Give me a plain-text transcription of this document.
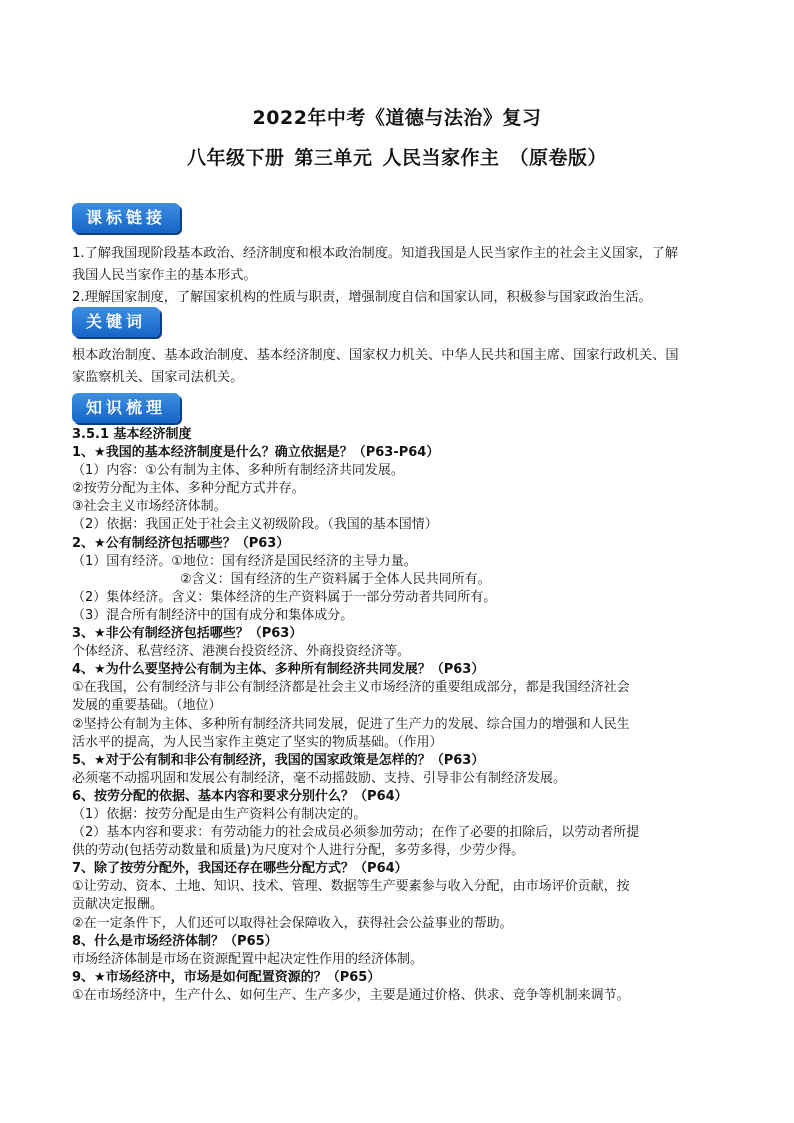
2022年中考《道德与法治》复习
八年级下册 第三单元 人民当家作主 （原卷版）
课标链接

1.了解我国现阶段基本政治、经济制度和根本政治制度。知道我国是人民当家作主的社会主义国家，了解

我国人民当家作主的基本形式。

2.理解国家制度，了解国家机构的性质与职责，增强制度自信和国家认同，积极参与国家政治生活。

关键词

根本政治制度、基本政治制度、基本经济制度、国家权力机关、中华人民共和国主席、国家行政机关、国

家监察机关、国家司法机关。

知识梳理

3.5.1 基本经济制度

1、★我国的基本经济制度是什么？确立依据是？（P63-P64）

（1）内容：①公有制为主体、多种所有制经济共同发展。

②按劳分配为主体、多种分配方式并存。

③社会主义市场经济体制。

（2）依据：我国正处于社会主义初级阶段。（我国的基本国情）

2、★公有制经济包括哪些？（P63）

（1）国有经济。①地位：国有经济是国民经济的主导力量。

②含义：国有经济的生产资料属于全体人民共同所有。

（2）集体经济。含义：集体经济的生产资料属于一部分劳动者共同所有。

（3）混合所有制经济中的国有成分和集体成分。

3、★非公有制经济包括哪些？（P63）

个体经济、私营经济、港澳台投资经济、外商投资经济等。

4、★为什么要坚持公有制为主体、多种所有制经济共同发展？（P63）

①在我国，公有制经济与非公有制经济都是社会主义市场经济的重要组成部分，都是我国经济社会

发展的重要基础。（地位）

②坚持公有制为主体、多种所有制经济共同发展，促进了生产力的发展、综合国力的增强和人民生

活水平的提高，为人民当家作主奠定了坚实的物质基础。（作用）

5、★对于公有制和非公有制经济，我国的国家政策是怎样的？（P63）

必须毫不动摇巩固和发展公有制经济，毫不动摇鼓励、支持、引导非公有制经济发展。

6、按劳分配的依据、基本内容和要求分别什么？（P64）

（1）依据：按劳分配是由生产资料公有制决定的。

（2）基本内容和要求：有劳动能力的社会成员必须参加劳动；在作了必要的扣除后，以劳动者所提

供的劳动(包括劳动数量和质量)为尺度对个人进行分配，多劳多得，少劳少得。

7、除了按劳分配外，我国还存在哪些分配方式？（P64）

①让劳动、资本、土地、知识、技术、管理、数据等生产要素参与收入分配，由市场评价贡献，按

贡献决定报酬。

②在一定条件下，人们还可以取得社会保障收入，获得社会公益事业的帮助。

8、什么是市场经济体制？（P65）

市场经济体制是市场在资源配置中起决定性作用的经济体制。

9、★市场经济中，市场是如何配置资源的？（P65）

①在市场经济中，生产什么、如何生产、生产多少，主要是通过价格、供求、竞争等机制来调节。
